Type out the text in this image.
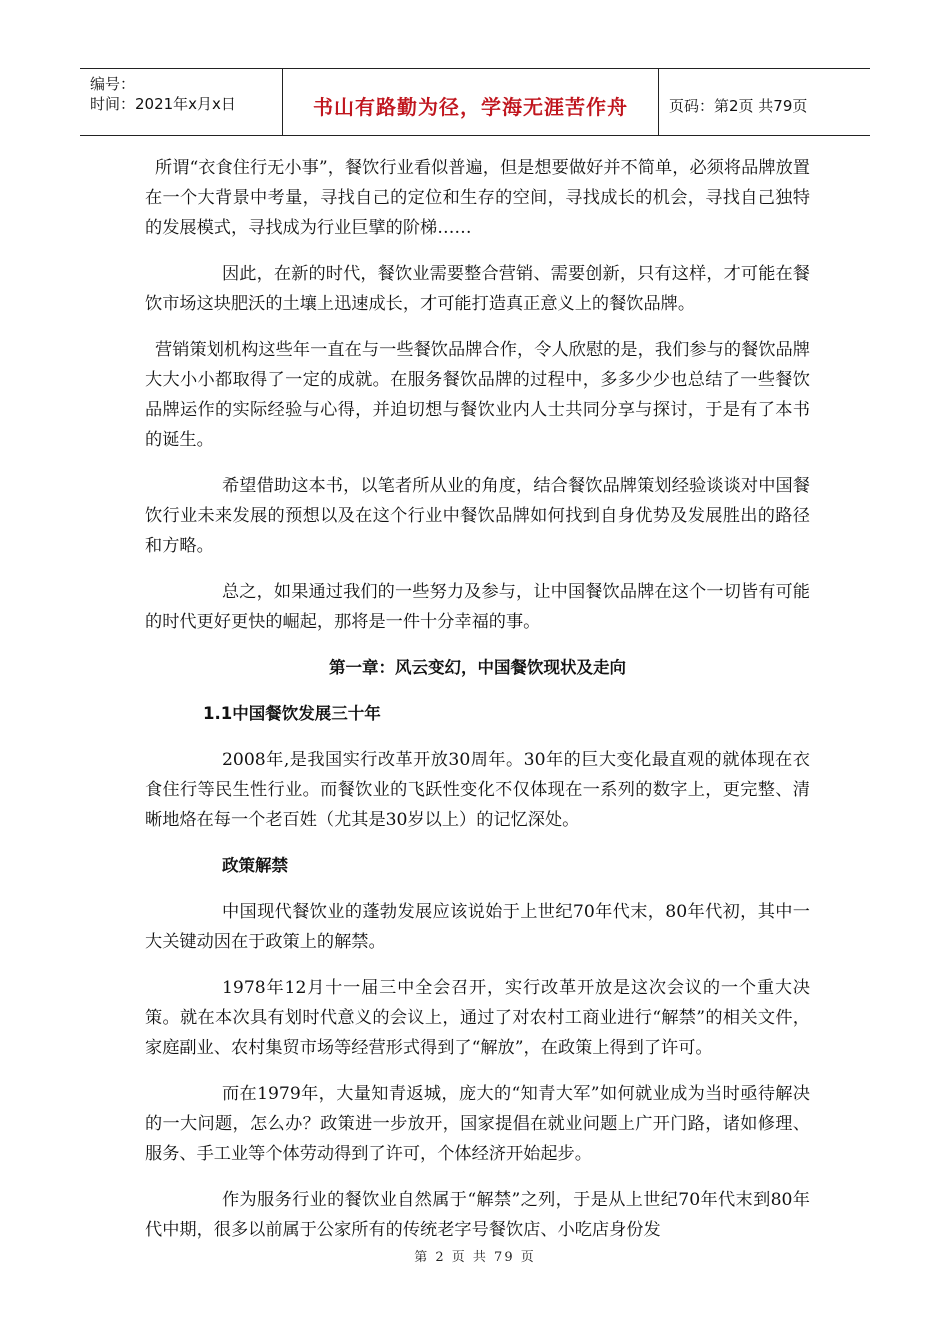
编号：
时间：2021年x月x日	书山有路勤为径，学海无涯苦作舟	页码：第2页 共79页

所谓“衣食住行无小事”，餐饮行业看似普遍，但是想要做好并不简单，必须将品牌放置在一个大背景中考量，寻找自己的定位和生存的空间，寻找成长的机会，寻找自己独特的发展模式，寻找成为行业巨擘的阶梯……

因此，在新的时代，餐饮业需要整合营销、需要创新，只有这样，才可能在餐饮市场这块肥沃的土壤上迅速成长，才可能打造真正意义上的餐饮品牌。

营销策划机构这些年一直在与一些餐饮品牌合作，令人欣慰的是，我们参与的餐饮品牌大大小小都取得了一定的成就。在服务餐饮品牌的过程中，多多少少也总结了一些餐饮品牌运作的实际经验与心得，并迫切想与餐饮业内人士共同分享与探讨，于是有了本书的诞生。

希望借助这本书，以笔者所从业的角度，结合餐饮品牌策划经验谈谈对中国餐饮行业未来发展的预想以及在这个行业中餐饮品牌如何找到自身优势及发展胜出的路径和方略。

总之，如果通过我们的一些努力及参与，让中国餐饮品牌在这个一切皆有可能的时代更好更快的崛起，那将是一件十分幸福的事。

第一章：风云变幻，中国餐饮现状及走向

1.1中国餐饮发展三十年

2008年,是我国实行改革开放30周年。30年的巨大变化最直观的就体现在衣食住行等民生性行业。而餐饮业的飞跃性变化不仅体现在一系列的数字上，更完整、清晰地烙在每一个老百姓（尤其是30岁以上）的记忆深处。

政策解禁

中国现代餐饮业的蓬勃发展应该说始于上世纪70年代末，80年代初，其中一大关键动因在于政策上的解禁。

1978年12月十一届三中全会召开，实行改革开放是这次会议的一个重大决策。就在本次具有划时代意义的会议上，通过了对农村工商业进行“解禁”的相关文件，家庭副业、农村集贸市场等经营形式得到了“解放”，在政策上得到了许可。

而在1979年，大量知青返城，庞大的“知青大军”如何就业成为当时亟待解决的一大问题，怎么办？政策进一步放开，国家提倡在就业问题上广开门路，诸如修理、服务、手工业等个体劳动得到了许可，个体经济开始起步。

作为服务行业的餐饮业自然属于“解禁”之列，于是从上世纪70年代末到80年代中期，很多以前属于公家所有的传统老字号餐饮店、小吃店身份发

第 2 页 共 79 页
